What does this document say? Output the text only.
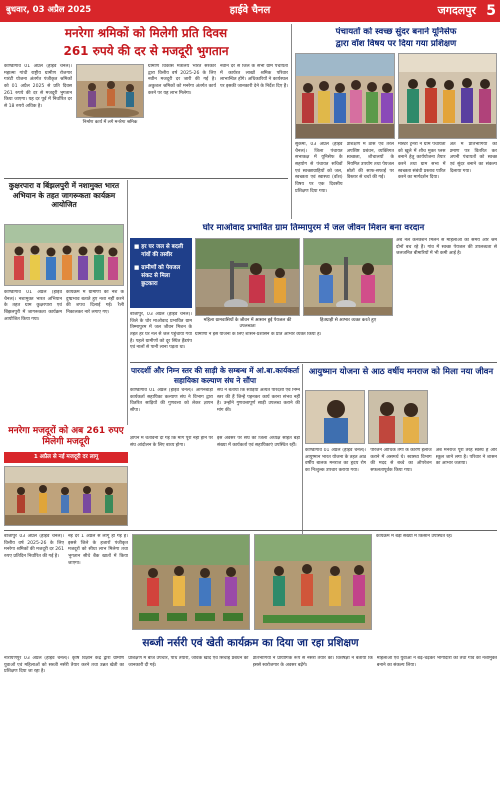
बुधवार, 03 अप्रैल 2025	हाईवे चैनल	जगदलपुर 5
मनरेगा श्रमिकों को मिलेगी प्रति दिवस
261 रुपये की दर से मजदूरी भुगतान

कोण्डागांव 01 अप्रैल (हाईवे चैनल)। महात्मा गांधी राष्ट्रीय ग्रामीण रोजगार गारंटी योजना अंतर्गत पंजीकृत श्रमिकों को 01 अप्रैल 2025 से प्रति दिवस 261 रुपये की दर से मजदूरी भुगतान किया जाएगा। यह दर पूर्व में निर्धारित दर से 18 रुपये अधिक है।

निर्माण कार्य में लगे मनरेगा श्रमिक

ग्रामीण विकास मंत्रालय भारत सरकार द्वारा वित्तीय वर्ष 2025-26 के लिए नवीन मजदूरी दर जारी की गई है। अकुशल श्रमिकों को मनरेगा अंतर्गत कार्य करने पर यह लाभ मिलेगा।

नवीन दर से जिले के सभी ग्राम पंचायतों में कार्यरत लाखों श्रमिक परिवार लाभान्वित होंगे। अधिकारियों ने कार्यस्थल पर इसकी जानकारी देने के निर्देश दिए हैं।

पंचायतों को स्वच्छ सुंदर बनाने यूनिसेफ
द्वारा वॉश विषय पर दिया गया प्रशिक्षण

सुकमा, 03 अप्रैल (हाईवे चैनल)। जिला पंचायत सभाकक्ष में यूनिसेफ के सहयोग से पंचायत सचिवों एवं स्वच्छाग्राहियों को जल, स्वच्छता एवं स्वास्थ्य (वॉश) विषय पर एक दिवसीय प्रशिक्षण दिया गया।

प्रशिक्षण में ठोस एवं तरल अपशिष्ट प्रबंधन, व्यक्तिगत स्वच्छता, शौचालयों के नियमित उपयोग तथा पेयजल स्रोतों की साफ-सफाई पर विस्तार से चर्चा की गई।

मास्टर ट्रेनरों ने ग्राम पंचायतों को खुले में शौच मुक्त प्लस बनाने हेतु कार्ययोजना तैयार करने तथा ग्राम सभा में स्वच्छता संबंधी प्रस्ताव पारित करने का मार्गदर्शन दिया।

अंत में प्रतिभागियों को प्रमाण पत्र वितरित कर अपनी पंचायतों को स्वच्छ एवं सुंदर बनाने का संकल्प दिलाया गया।

कुक्षरपारा व बिंझलपुरी में नशामुक्त भारत अभियान के तहत जागरूकता कार्यक्रम आयोजित

कोण्डागांव 01 अप्रैल (हाईवे चैनल)। नशामुक्त भारत अभियान के तहत ग्राम कुक्षरपारा एवं बिंझलपुरी में जागरूकता कार्यक्रम आयोजित किया गया।

कार्यक्रम में ग्रामीणों को नशे के दुष्प्रभाव बताते हुए नशा नहीं करने की शपथ दिलाई गई। रैली निकालकर नारे लगाए गए।

घोर माओवाद प्रभावित ग्राम तिम्मापुरम में जल जीवन मिशन बना वरदान
■ हर घर जल से बदली गांवों की तस्वीर
■ ग्रामीणों को पेयजल संकट से मिला छुटकारा
महिला ग्रामवासियों के जीवन में आसान हुई पेयजल की उपलब्धता
हितग्राही से आभार व्यक्त करते हुए

अब नल कनेक्शन मिलने से महिलाओं का समय और श्रम दोनों बच रहे हैं। गांव में स्वच्छ पेयजल की उपलब्धता से जलजनित बीमारियों में भी कमी आई है।

बीजापुर, 03 अप्रैल (हाईवे चैनल)। जिले के घोर माओवाद प्रभावित ग्राम तिम्मापुरम में जल जीवन मिशन के तहत हर घर नल से जल पहुंचाया गया है। पहले ग्रामीणों को दूर स्थित हैंडपंप एवं नालों से पानी लाना पड़ता था।

ग्रामीणों ने इस योजना के लिए शासन-प्रशासन के प्रति आभार व्यक्त किया है।

पारदर्शी और निम्न स्तर की साड़ी के सम्बन्ध में आं.बा.कार्यकर्ता सहायिका कल्याण संघ ने सौंपा

कोण्डागांव 01 अप्रैल (हाईवे चैनल)। आंगनबाड़ी कार्यकर्ता सहायिका कल्याण संघ ने विभाग द्वारा वितरित साड़ियों की गुणवत्ता को लेकर ज्ञापन सौंपा।

संघ ने बताया कि साड़ियां अत्यंत पारदर्शी एवं निम्न स्तर की हैं जिन्हें पहनकर कार्य करना संभव नहीं है। उन्होंने गुणवत्तापूर्ण साड़ी उपलब्ध कराने की मांग की।

आयुष्मान योजना से आठ वर्षीय मनराज को मिला नया जीवन

कोण्डागांव 01 अप्रैल (हाईवे चैनल)। आयुष्मान भारत योजना के तहत आठ वर्षीय बालक मनराज का हृदय रोग का निःशुल्क उपचार कराया गया।

परिजन आर्थिक तंगी के कारण इलाज कराने में असमर्थ थे। स्वास्थ्य विभाग की मदद से बच्चे का ऑपरेशन सफलतापूर्वक किया गया।

अब मनराज पूरी तरह स्वस्थ है और स्कूल जाने लगा है। परिवार ने शासन का आभार जताया।

मनरेगा मजदूरों को अब 261 रुपए मिलेगी मजदूरी
1 अप्रैल से नई मजदूरी दर लागू

ज्ञापन में चेतावनी दी गई कि मांग पूरी नहीं होने पर संघ आंदोलन के लिए बाध्य होगा।

इस अवसर पर संघ की जिला अध्यक्ष सहित बड़ी संख्या में कार्यकर्ता एवं सहायिकाएं उपस्थित रहीं।

बीजापुर 03 अप्रैल (हाईवे चैनल)। वित्तीय वर्ष 2025-26 के लिए मनरेगा श्रमिकों की मजदूरी दर 261 रुपए प्रतिदिन निर्धारित की गई है।

नई दर 1 अप्रैल से लागू हो गई है। इससे जिले के हजारों पंजीकृत मजदूरों को सीधा लाभ मिलेगा तथा भुगतान सीधे बैंक खातों में किया जाएगा।

सब्जी नर्सरी एवं खेती कार्यक्रम का दिया जा रहा प्रशिक्षण

कार्यक्रम में बड़ी संख्या में किसान उपस्थित रहे।

नारायणपुर 03 अप्रैल (हाईवे चैनल)। कृषि विज्ञान केंद्र द्वारा ग्रामीण युवाओं एवं महिलाओं को सब्जी नर्सरी तैयार करने तथा उन्नत खेती का प्रशिक्षण दिया जा रहा है।

प्रशिक्षण में बीज उपचार, पौध तैयारी, जैविक खाद एवं सिंचाई प्रबंधन की जानकारी दी गई।

प्रतिभागियों ने प्रायोगिक रूप से नर्सरी तैयार की। विशेषज्ञों ने बताया कि इससे स्वरोजगार के अवसर बढ़ेंगे।

महिलाओं एवं युवाओं ने बढ़-चढ़कर भागीदारी की तथा गांव को नशामुक्त बनाने का संकल्प लिया।
